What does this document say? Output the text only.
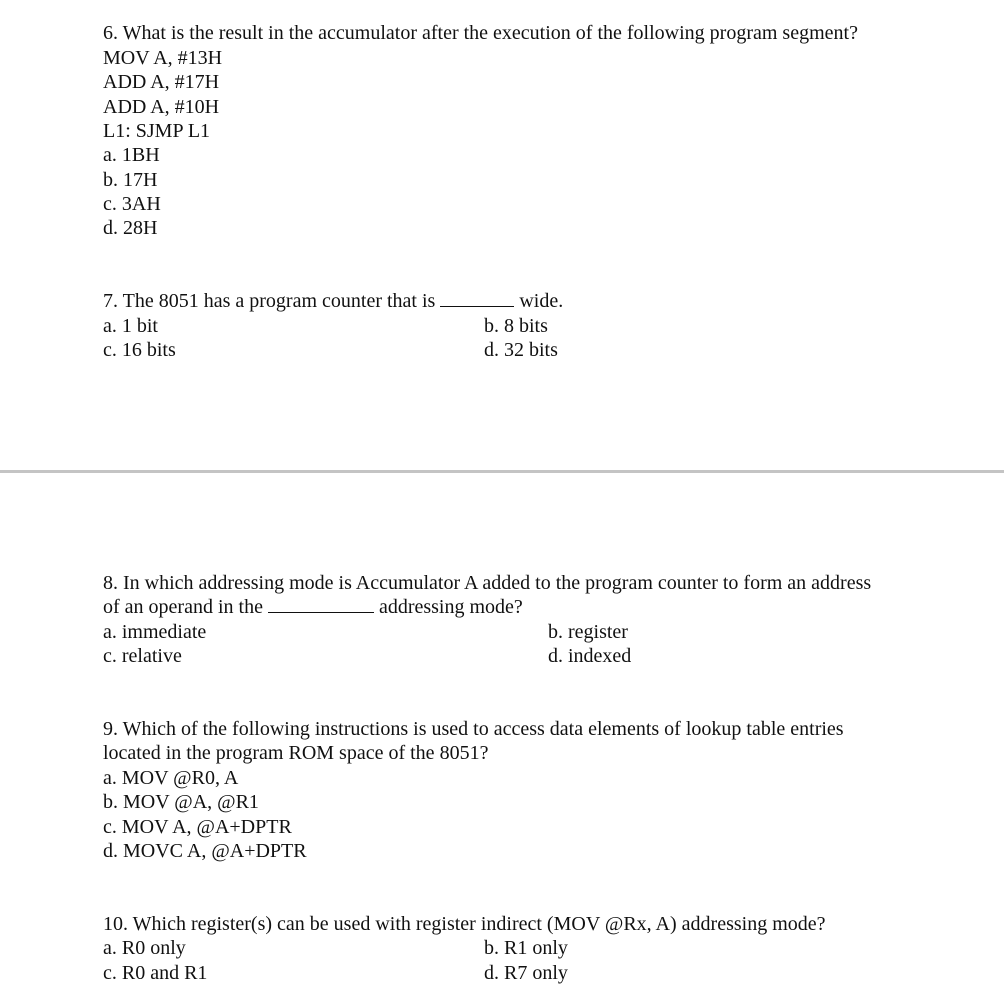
6. What is the result in the accumulator after the execution of the following program segment?
MOV A, #13H
ADD A, #17H
ADD A, #10H
L1: SJMP L1
a. 1BH
b. 17H
c. 3AH
d. 28H
7. The 8051 has a program counter that is	wide.
a. 1 bit	b. 8 bits
c. 16 bits	d. 32 bits
8. In which addressing mode is Accumulator A added to the program counter to form an address
of an operand in the	addressing mode?
a. immediate	b. register
c. relative	d. indexed
9. Which of the following instructions is used to access data elements of lookup table entries
located in the program ROM space of the 8051?
a. MOV @R0, A
b. MOV @A, @R1
c. MOV A, @A+DPTR
d. MOVC A, @A+DPTR
10. Which register(s) can be used with register indirect (MOV @Rx, A) addressing mode?
a. R0 only	b. R1 only
c. R0 and R1	d. R7 only
